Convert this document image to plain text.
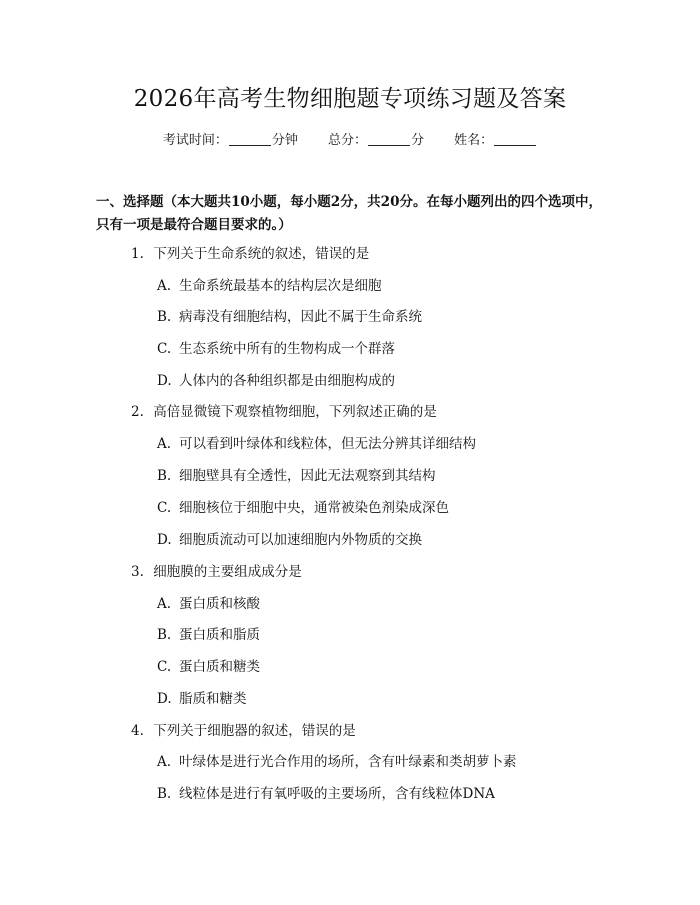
2026年高考生物细胞题专项练习题及答案
考试时间：	分钟 总分：	分 姓名：
一、选择题（本大题共10小题，每小题2分，共20分。在每小题列出的四个选项中，只有一项是最符合题目要求的。）
1. 下列关于生命系统的叙述，错误的是
A. 生命系统最基本的结构层次是细胞
B. 病毒没有细胞结构，因此不属于生命系统
C. 生态系统中所有的生物构成一个群落
D. 人体内的各种组织都是由细胞构成的
2. 高倍显微镜下观察植物细胞，下列叙述正确的是
A. 可以看到叶绿体和线粒体，但无法分辨其详细结构
B. 细胞壁具有全透性，因此无法观察到其结构
C. 细胞核位于细胞中央，通常被染色剂染成深色
D. 细胞质流动可以加速细胞内外物质的交换
3. 细胞膜的主要组成成分是
A. 蛋白质和核酸
B. 蛋白质和脂质
C. 蛋白质和糖类
D. 脂质和糖类
4. 下列关于细胞器的叙述，错误的是
A. 叶绿体是进行光合作用的场所，含有叶绿素和类胡萝卜素
B. 线粒体是进行有氧呼吸的主要场所，含有线粒体DNA
